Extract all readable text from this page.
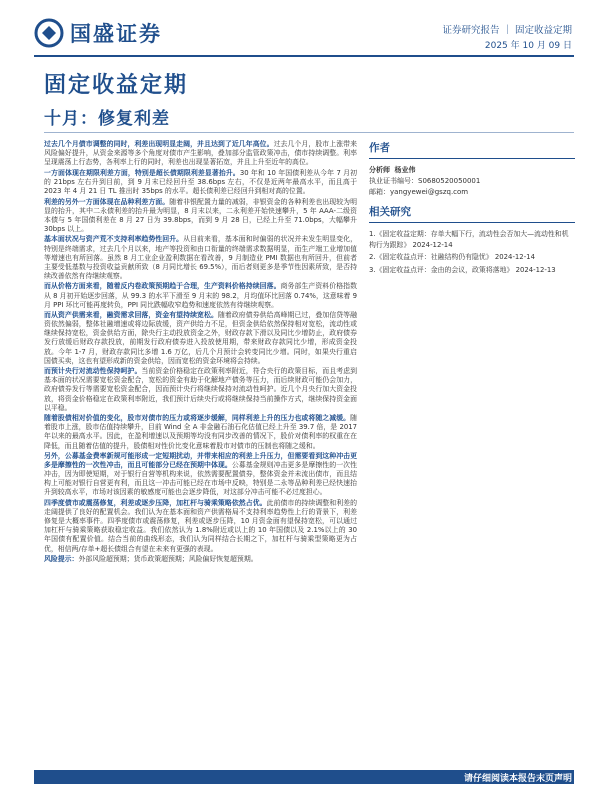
国盛证券	证券研究报告 ｜ 固定收益定期
2025 年 10 月 09 日
固定收益定期
十月：修复利差

过去几个月债市调整的同时，利差出现明显走阔，并且达到了近几年高位。过去几个月，股市上涨带来风险偏好提升，从资金来源等多个角度对债市产生影响，叠加部分监管政策冲击，债市持续调整。利率呈现震荡上行态势，各利率上行的同时，利差也出现显著拓宽，并且上升至近年的高位。

一方面体现在期限利差方面，特别是超长债期限利差显著抬升。30 年和 10 年国债利差从今年 7 月初的 21bps 左右升到目前，到 9 月末已经回升至 38.6bps 左右，不仅是近两年最高水平，而且高于 2023 年 4 月 21 日 TL 推出时 35bps 的水平。超长债利差已经回升到相对高的位置。

利差的另外一方面体现在品种利差方面。随着非银配置力量的减弱，非银资金的各种利差也出现较为明显的抬升，其中二永债利差的抬升最为明显，8 月末以来，二永利差开始快速攀升，5 年 AAA-二级资本债与 5 年国债利差在 8 月 27 日为 39.8bps，而到 9 月 28 日，已经上升至 71.0bps，大幅攀升 30bps 以上。

基本面状况与资产荒不支持利率趋势性回升。从目前来看，基本面和时偏弱的状况并未发生明显变化，特别是终端需求，过去几个月以来，地产等投资和由口衔量的终端需求数据明显，而生产端工业增加值等增速也有所回落。虽然 8 月工业企业盈利数据在看改善，9 月制造业 PMI 数据也有所回升，但前者主要受低基数与投资收益贡献所致（8 月同比增长 69.5%），而后者则更多是季节性因素所致，是否持续改善依然有待继续观察。

而从价格方面来看，随着反内卷政策预期趋于合理，生产资料价格持续回落。商务部生产资料价格指数从 8 月初开始逐步回落，从 99.3 的水平下滑至 9 月末的 98.2，月均值环比回落 0.74%，这意味着 9 月 PPI 环比可能再度转负，PPI 同比跌幅收窄趋势和速度依然有待继续观察。

而从资产供需来看，融资需求回落，资金有望持续宽松。随着政府债券供给高峰期已过，叠加信贷等融资依然偏弱，整体社融增速或将边际放缓，资产供给力不足，但资金供给依然保持相对宽松，流动性或继续保持宽松，资金供给方面，除央行主动投放资金之外，财政存款下滑以及同比少增防止，政府债券发行放缓后财政存款投放，前期发行政府债券进入投放使用期，带来财政存款同比少增，形成资金投放。今年 1-7 月，财政存款同比多增 1.6 万亿，后几个月预计会转变同比少增。同时，如果央行重启国债买卖，这也有望形成新的资金供给，因而宽松的资金环境将会持续。

而预计央行对流动性保持呵护。当前资金价格稳定在政策利率附近，符合央行的政策目标，而且考虑到基本面的状况需要宽松资金配合，宽松的资金有助于化解地产债务等压力，而后续财政可能仍会加力，政府债券发行等需要宽松资金配合，因而预计央行将继续保持对流动性呵护。近几个月央行加大资金投放，将资金价格稳定在政策利率附近，我们预计后续央行或将继续保持当前操作方式，继续保持资金面以平稳。

随着股债相对价值的变化，股市对债市的压力或将逐步缓解，同样利差上升的压力也或将随之减缓。随着股市上涨，股市估值持续攀升，目前 Wind 全 A 非金融石油石化估值已经上升至 39.7 倍，是 2017 年以来的最高水平。因此，在盈利增速以及预期等均没有同步改善的情况下，股价对债利率的权重在在降低，而且随着估值的提升，股债相对性价比变化意味着股市对债市的压制也将随之缓和。

另外，公募基金费率新规可能形成一定短期扰动，并带来相应的利差上升压力，但需要看到这种冲击更多是摩擦性的一次性冲击，而且可能部分已经在预期中体现。公募基金规则冲击更多是摩擦性的一次性冲击，因为即使短期，对于银行自营等机构来说，依然需要配置债券，整体资金并未流出债市，而且结构上可能对银行自营更有利，而且这一冲击可能已经在市场中反映，特别是二永等品种利差已经快速抬升到较高水平，市场对该因素的敏感度可能也会逐步降低，对这部分冲击可能不必过度担心。

四季度债市或震荡修复，利差或逐步压降，加杠杆与骑乘策略依然占优。此前债市的持续调整和利差的走阔提供了良好的配置机会。我们认为在基本面和资产供需格局不支持利率趋势性上行的背景下，利差修复是大概率事件。四季度债市或震荡修复，利差或逐步压降，10 月资金面有望保持宽松，可以通过加杠杆与骑乘策略获取稳定收益。我们依然认为 1.8%附近或以上的 10 年国债以及 2.1%以上的 30 年国债有配置价值。结合当前的曲线形态，我们认为同样结合长期之下，加杠杆与骑乘型策略更为占优，相信两/存单+超长债组合有望在未来有更强的表现。

风险提示：外部风险超预期；货币政策超预期；风险偏好恢复超预期。

作者
分析师 杨业伟
执业证书编号：S0680520050001
邮箱：yangyewei@gszq.com
相关研究
1.《固定收益定期：存单大幅下行，流动性会否加大—流动性和机构行为跟踪》 2024-12-14
2.《固定收益点评：社融结构仍有隐忧》 2024-12-14
3.《固定收益点评：金由的会议，政策将落地》 2024-12-13
请仔细阅读本报告末页声明
